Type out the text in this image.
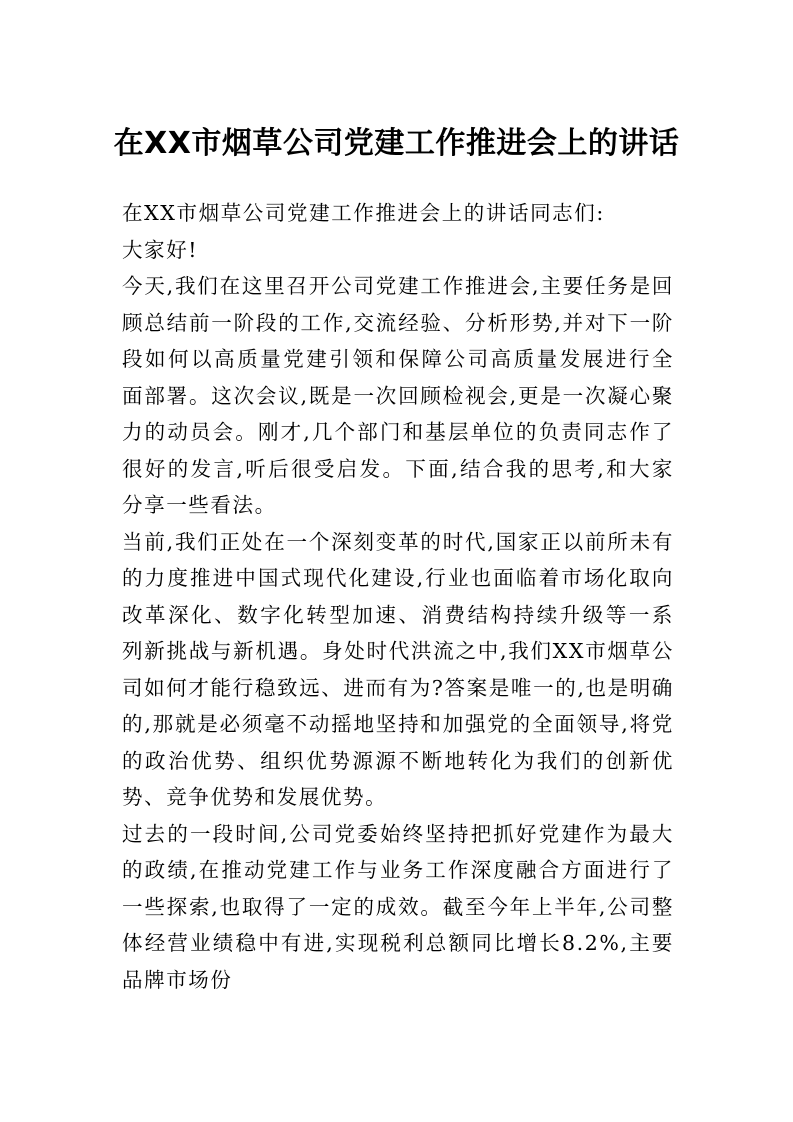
在XX市烟草公司党建工作推进会上的讲话

在XX市烟草公司党建工作推进会上的讲话同志们:

大家好!

今天,我们在这里召开公司党建工作推进会,主要任务是回顾总结前一阶段的工作,交流经验、分析形势,并对下一阶段如何以高质量党建引领和保障公司高质量发展进行全面部署。这次会议,既是一次回顾检视会,更是一次凝心聚力的动员会。刚才,几个部门和基层单位的负责同志作了很好的发言,听后很受启发。下面,结合我的思考,和大家分享一些看法。

当前,我们正处在一个深刻变革的时代,国家正以前所未有的力度推进中国式现代化建设,行业也面临着市场化取向改革深化、数字化转型加速、消费结构持续升级等一系列新挑战与新机遇。身处时代洪流之中,我们XX市烟草公司如何才能行稳致远、进而有为?答案是唯一的,也是明确的,那就是必须毫不动摇地坚持和加强党的全面领导,将党的政治优势、组织优势源源不断地转化为我们的创新优势、竞争优势和发展优势。

过去的一段时间,公司党委始终坚持把抓好党建作为最大的政绩,在推动党建工作与业务工作深度融合方面进行了一些探索,也取得了一定的成效。截至今年上半年,公司整体经营业绩稳中有进,实现税利总额同比增长8.2%,主要品牌市场份
